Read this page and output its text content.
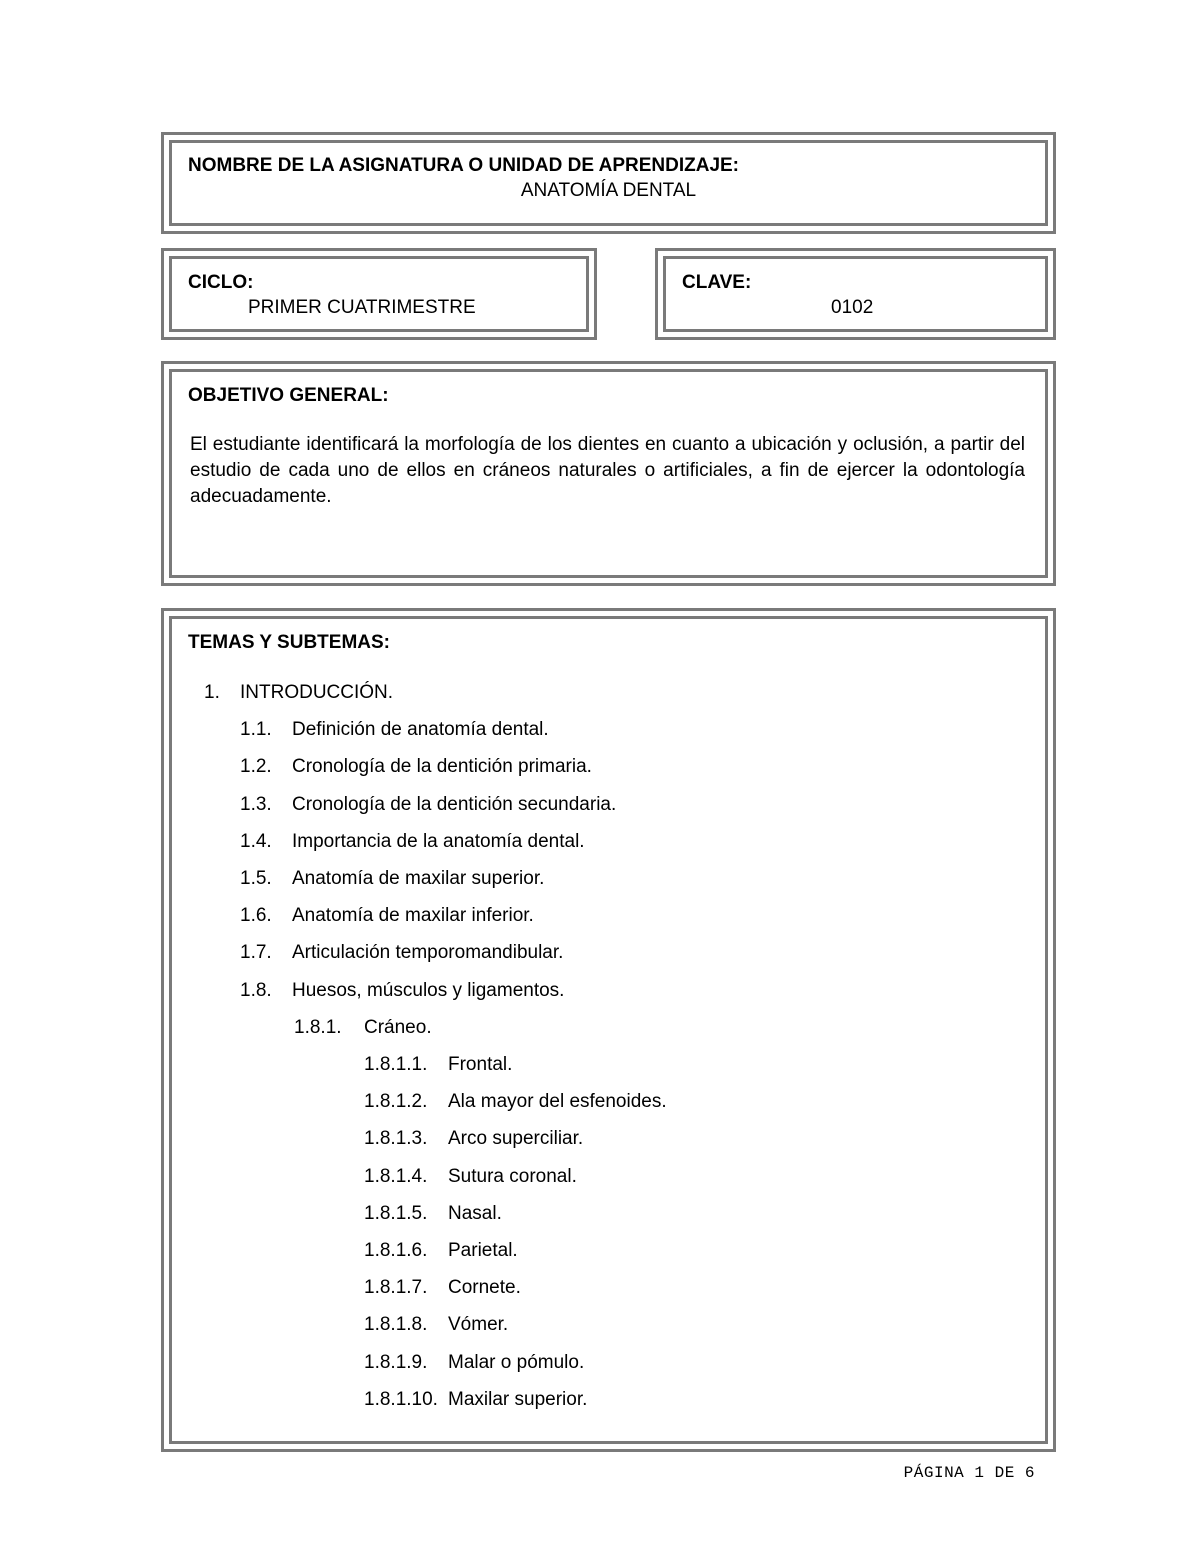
NOMBRE DE LA ASIGNATURA O UNIDAD DE APRENDIZAJE:
ANATOMÍA DENTAL
CICLO:
PRIMER CUATRIMESTRE
CLAVE:
0102
OBJETIVO GENERAL:
El estudiante identificará la morfología de los dientes en cuanto a ubicación y oclusión, a partir del estudio de cada uno de ellos en cráneos naturales o artificiales, a fin de ejercer la odontología adecuadamente.
TEMAS Y SUBTEMAS:
1. INTRODUCCIÓN.
1.1. Definición de anatomía dental.
1.2. Cronología de la dentición primaria.
1.3. Cronología de la dentición secundaria.
1.4. Importancia de la anatomía dental.
1.5. Anatomía de maxilar superior.
1.6. Anatomía de maxilar inferior.
1.7. Articulación temporomandibular.
1.8. Huesos, músculos y ligamentos.
1.8.1. Cráneo.
1.8.1.1. Frontal.
1.8.1.2. Ala mayor del esfenoides.
1.8.1.3. Arco superciliar.
1.8.1.4. Sutura coronal.
1.8.1.5. Nasal.
1.8.1.6. Parietal.
1.8.1.7. Cornete.
1.8.1.8. Vómer.
1.8.1.9. Malar o pómulo.
1.8.1.10. Maxilar superior.
PÁGINA 1 DE 6
